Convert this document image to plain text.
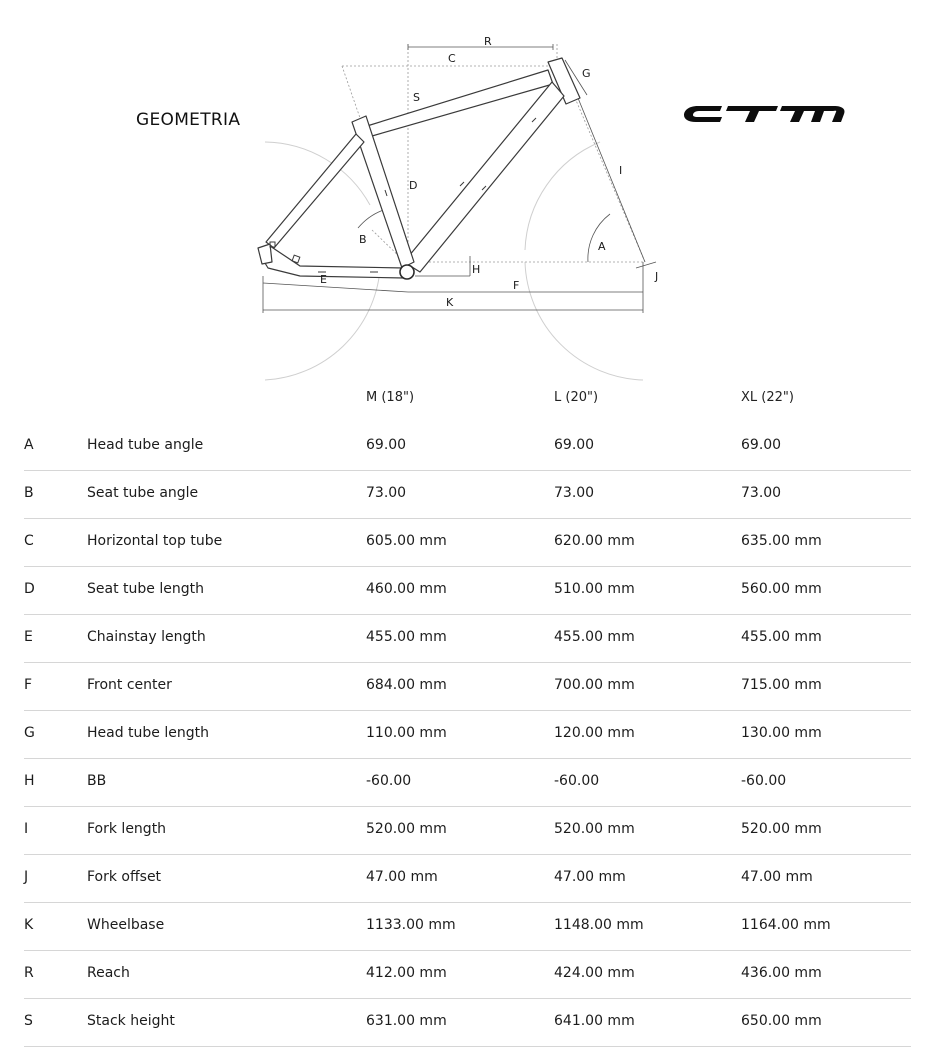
GEOMETRIA
R
C
G
S
D
I
B
A
H
J
E	F
K
M (18")	L (20")	XL (22")
A	Head tube angle	69.00	69.00	69.00
B	Seat tube angle	73.00	73.00	73.00
C	Horizontal top tube	605.00 mm	620.00 mm	635.00 mm
D	Seat tube length	460.00 mm	510.00 mm	560.00 mm
E	Chainstay length	455.00 mm	455.00 mm	455.00 mm
F	Front center	684.00 mm	700.00 mm	715.00 mm
G	Head tube length	110.00 mm	120.00 mm	130.00 mm
H	BB	-60.00	-60.00	-60.00
I	Fork length	520.00 mm	520.00 mm	520.00 mm
J	Fork offset	47.00 mm	47.00 mm	47.00 mm
K	Wheelbase	1133.00 mm	1148.00 mm	1164.00 mm
R	Reach	412.00 mm	424.00 mm	436.00 mm
S	Stack height	631.00 mm	641.00 mm	650.00 mm
